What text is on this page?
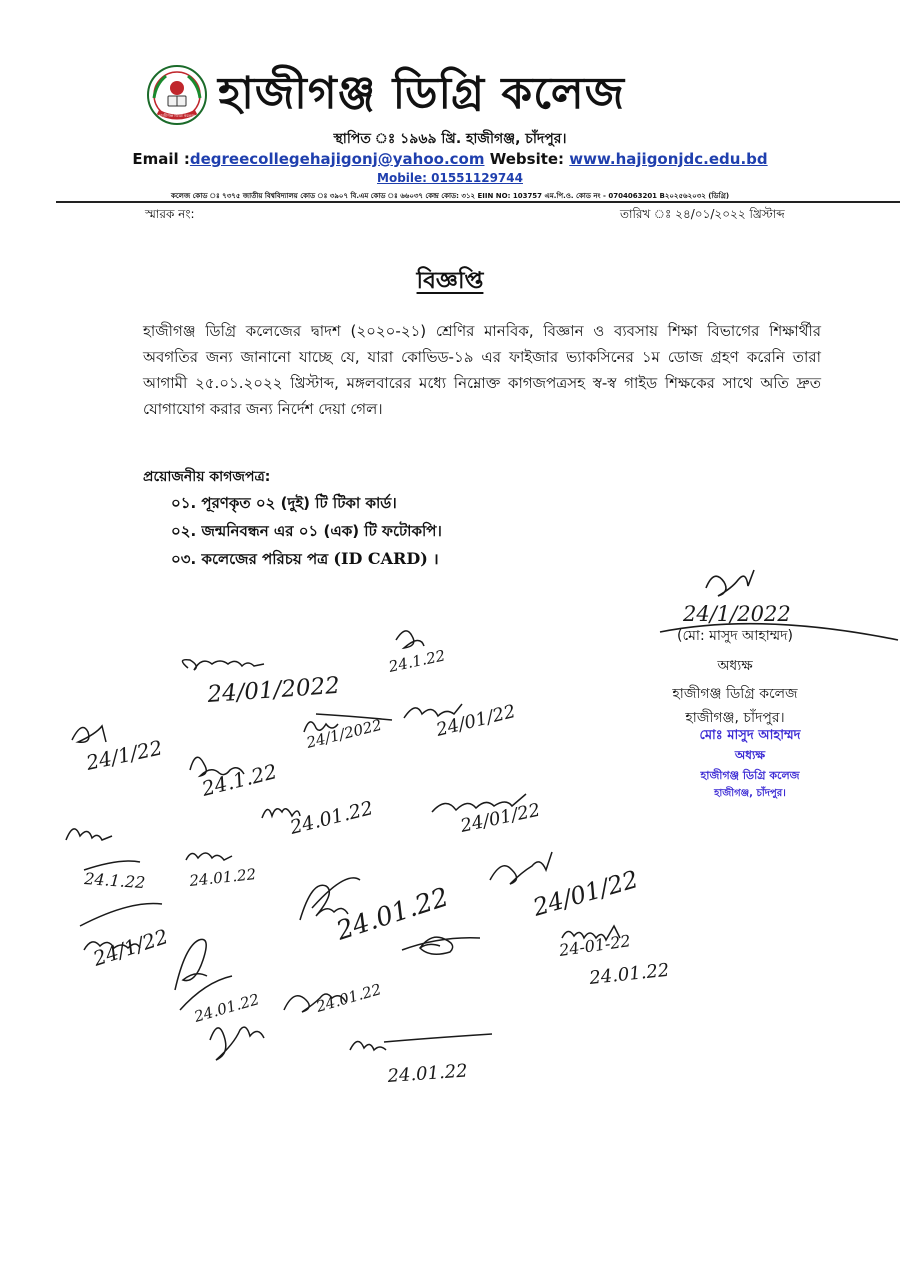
হাজীগঞ্জ ডিগ্রি কলেজ হাজীগঞ্জ ডিগ্রি কলেজ
স্থাপিত ঃ ১৯৬৯ খ্রি. হাজীগঞ্জ, চাঁদপুর।
Email :degreecollegehajigonj@yahoo.com Website: www.hajigonjdc.edu.bd
Mobile: 01551129744
কলেজ কোড ঃ ৭৩৭৫ জাতীয় বিশ্ববিদ্যালয় কোড ঃ ৩৯০৭ বি.এম কোড ঃ ৬৬০৩৭ কেন্দ্র কোড: ৩১২ EIIN NO: 103757 এম.পি.ও. কোড নং - 0704063201 B২০২৫৬২০৩২ (ডিগ্রি)
স্মারক নং:	তারিখ ঃ ২৪/০১/২০২২ খ্রিস্টাব্দ
বিজ্ঞপ্তি
হাজীগঞ্জ ডিগ্রি কলেজের দ্বাদশ (২০২০-২১) শ্রেণির মানবিক, বিজ্ঞান ও ব্যবসায় শিক্ষা বিভাগের শিক্ষার্থীর অবগতির জন্য জানানো যাচ্ছে যে, যারা কোভিড-১৯ এর ফাইজার ভ্যাকসিনের ১ম ডোজ গ্রহণ করেনি তারা আগামী ২৫.০১.২০২২ খ্রিস্টাব্দ, মঙ্গলবারের মধ্যে নিম্নোক্ত কাগজপত্রসহ স্ব-স্ব গাইড শিক্ষকের সাথে অতি দ্রুত যোগাযোগ করার জন্য নির্দেশ দেয়া গেল।
প্রয়োজনীয় কাগজপত্র:
০১. পূরণকৃত ০২ (দুই) টি টিকা কার্ড।
০২. জন্মনিবন্ধন এর ০১ (এক) টি ফটোকপি।
০৩. কলেজের পরিচয় পত্র (ID CARD) ।
(মো: মাসুদ আহাম্মদ)
অধ্যক্ষ
হাজীগঞ্জ ডিগ্রি কলেজ
হাজীগঞ্জ, চাঁদপুর।
মোঃ মাসুদ আহাম্মদ
অধ্যক্ষ
হাজীগঞ্জ ডিগ্রি কলেজ
হাজীগঞ্জ, চাঁদপুর।
24/1/2022
24/01/2022
24.1.22
24/1/2022	24/01/22
24/1/22
24.1.22
24.01.22	24/01/22
24.1.22	24.01.22
24.01.22	24/01/22
24/1/22
24.01.22	24.01.22
24.01.22
24-01-22
24.01.22
